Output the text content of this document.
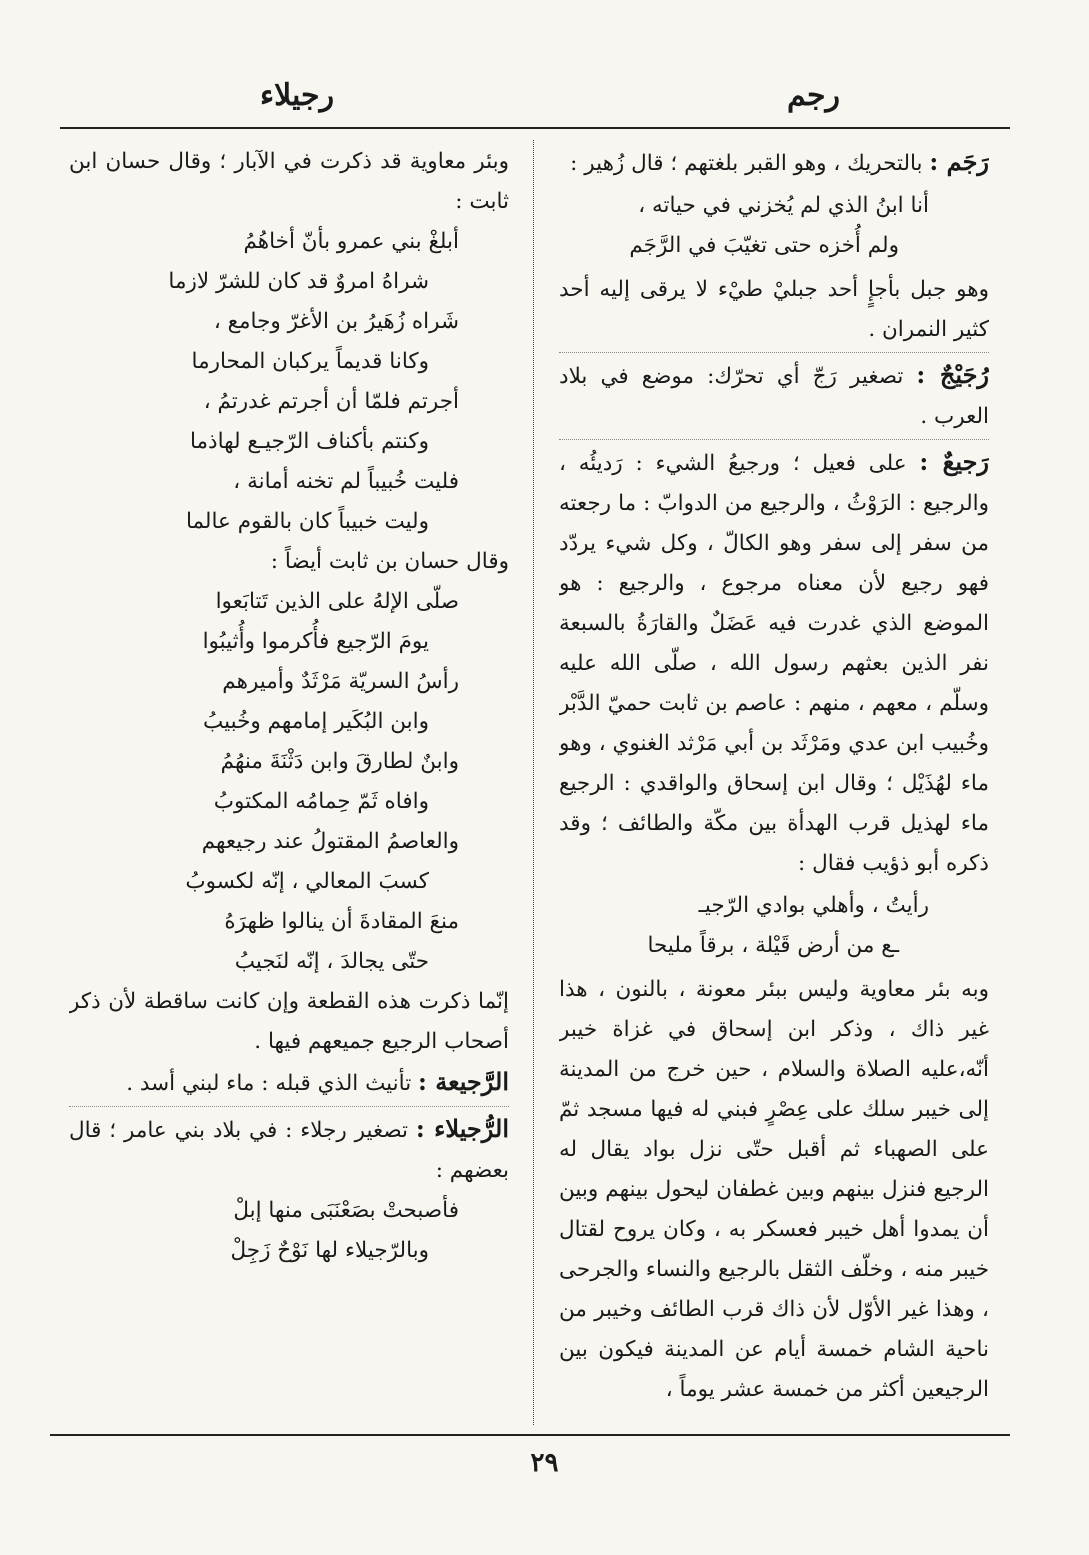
رجم
رجيلاء

رَجَم : بالتحريك ، وهو القبر بلغتهم ؛ قال زُهير :

أنا ابنُ الذي لم يُخزني في حياته ،

ولم أُخزه حتى تغيّبَ في الرَّجَم

وهو جبل بأجإٍ أحد جبليْ طيْء لا يرقى إليه أحد كثير النمران .

رُجَيْجٌ : تصغير رَجّ أي تحرّك: موضع في بلاد العرب .

رَجيعٌ : على فعيل ؛ ورجيعُ الشيء : رَديئُه ، والرجيع : الرَوْثُ ، والرجيع من الدوابّ : ما رجعته من سفر إلى سفر وهو الكالّ ، وكل شيء يردّد فهو رجيع لأن معناه مرجوع ، والرجيع : هو الموضع الذي غدرت فيه عَضَلٌ والقارَةُ بالسبعة نفر الذين بعثهم رسول الله ، صلّى الله عليه وسلّم ، معهم ، منهم : عاصم بن ثابت حميّ الدَّبْر وخُبيب ابن عدي ومَرْثَد بن أبي مَرْثد الغنوي ، وهو ماء لهُذَيْل ؛ وقال ابن إسحاق والواقدي : الرجيع ماء لهذيل قرب الهدأة بين مكّة والطائف ؛ وقد ذكره أبو ذؤيب فقال :

رأيتُ ، وأهلي بوادي الرّجيـ

ـع من أرض قَيْلة ، برقاً مليحا

وبه بئر معاوية وليس ببئر معونة ، بالنون ، هذا غير ذاك ، وذكر ابن إسحاق في غزاة خيبر أنّه،عليه الصلاة والسلام ، حين خرج من المدينة إلى خيبر سلك على عِصْرٍ فبني له فيها مسجد ثمّ على الصهباء ثم أقبل حتّى نزل بواد يقال له الرجيع فنزل بينهم وبين غطفان ليحول بينهم وبين أن يمدوا أهل خيبر فعسكر به ، وكان يروح لقتال خيبر منه ، وخلّف الثقل بالرجيع والنساء والجرحى ، وهذا غير الأوّل لأن ذاك قرب الطائف وخيبر من ناحية الشام خمسة أيام عن المدينة فيكون بين الرجيعين أكثر من خمسة عشر يوماً ،

وبئر معاوية قد ذكرت في الآبار ؛ وقال حسان ابن ثابت :

أبلغْ بني عمرو بأنّ أخاهُمُ

شراهُ امروٌ قد كان للشرّ لازما

شَراه زُهَيرُ بن الأغرّ وجامع ،

وكانا قديماً يركبان المحارما

أجرتم فلمّا أن أجرتم غدرتمُ ،

وكنتم بأكناف الرّجيـع لهاذما

فليت خُبيباً لم تخنه أمانة ،

وليت خبيباً كان بالقوم عالما

وقال حسان بن ثابت أيضاً :

صلّى الإلهُ على الذين تَتابَعوا

يومَ الرّجيع فأُكرموا وأُثيبُوا

رأسُ السريّة مَرْثَدٌ وأميرهم

وابن البُكَير إمامهم وخُبيبُ

وابنٌ لطارقَ وابن دَثْنَةَ منهُمُ

وافاه ثَمّ حِمامُه المكتوبُ

والعاصمُ المقتولُ عند رجيعهم

كسبَ المعالي ، إنّه لكسوبُ

منعَ المقادةَ أن ينالوا ظهرَهُ

حتّى يجالدَ ، إنّه لنَجيبُ

إنّما ذكرت هذه القطعة وإن كانت ساقطة لأن ذكر أصحاب الرجيع جميعهم فيها .

الرَّجيعة : تأنيث الذي قبله : ماء لبني أسد .

الرُّجيلاء : تصغير رجلاء : في بلاد بني عامر ؛ قال بعضهم :

فأصبحتْ بصَعْنَبَى منها إبلْ

وبالرّجيلاء لها نَوْحٌ زَجِلْ

٢٩
